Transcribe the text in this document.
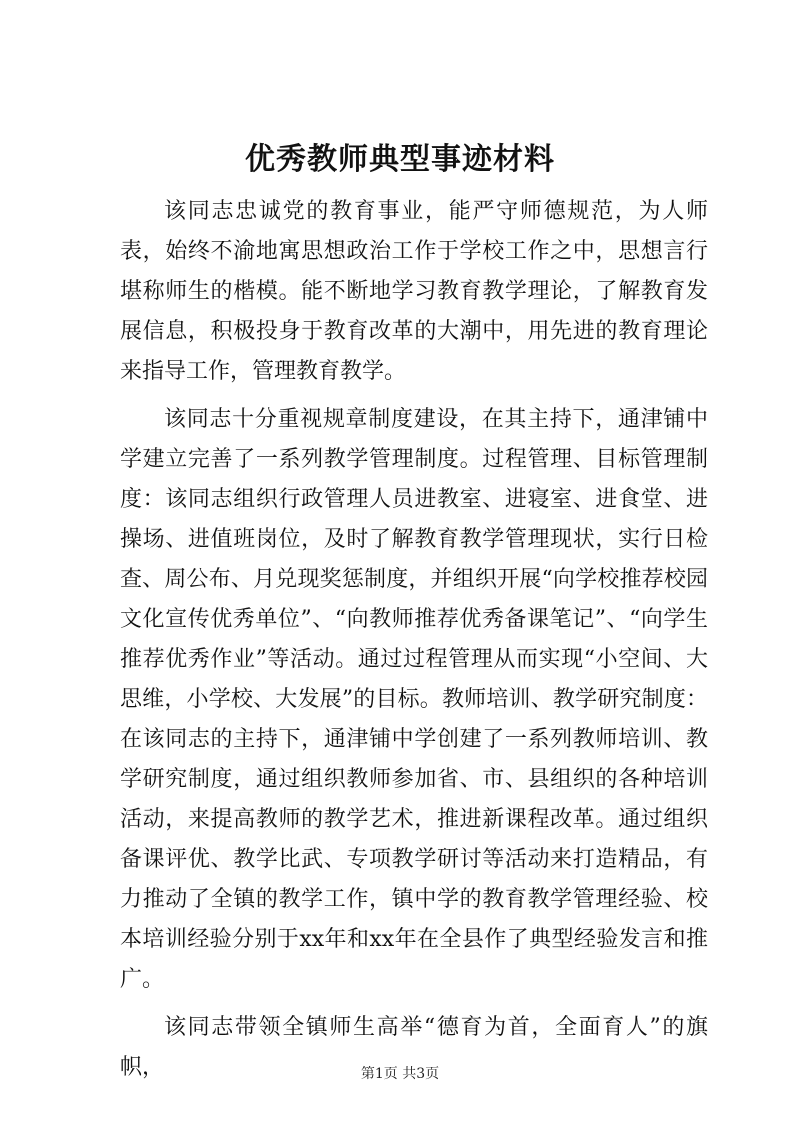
优秀教师典型事迹材料

该同志忠诚党的教育事业，能严守师德规范，为人师表，始终不渝地寓思想政治工作于学校工作之中，思想言行堪称师生的楷模。能不断地学习教育教学理论，了解教育发展信息，积极投身于教育改革的大潮中，用先进的教育理论来指导工作，管理教育教学。

该同志十分重视规章制度建设，在其主持下，通津铺中学建立完善了一系列教学管理制度。过程管理、目标管理制度：该同志组织行政管理人员进教室、进寝室、进食堂、进操场、进值班岗位，及时了解教育教学管理现状，实行日检查、周公布、月兑现奖惩制度，并组织开展“向学校推荐校园文化宣传优秀单位”、“向教师推荐优秀备课笔记”、“向学生推荐优秀作业”等活动。通过过程管理从而实现“小空间、大思维，小学校、大发展”的目标。教师培训、教学研究制度：在该同志的主持下，通津铺中学创建了一系列教师培训、教学研究制度，通过组织教师参加省、市、县组织的各种培训活动，来提高教师的教学艺术，推进新课程改革。通过组织备课评优、教学比武、专项教学研讨等活动来打造精品，有力推动了全镇的教学工作，镇中学的教育教学管理经验、校本培训经验分别于xx年和xx年在全县作了典型经验发言和推广。

该同志带领全镇师生高举“德育为首，全面育人”的旗帜，	第1页 共3页
